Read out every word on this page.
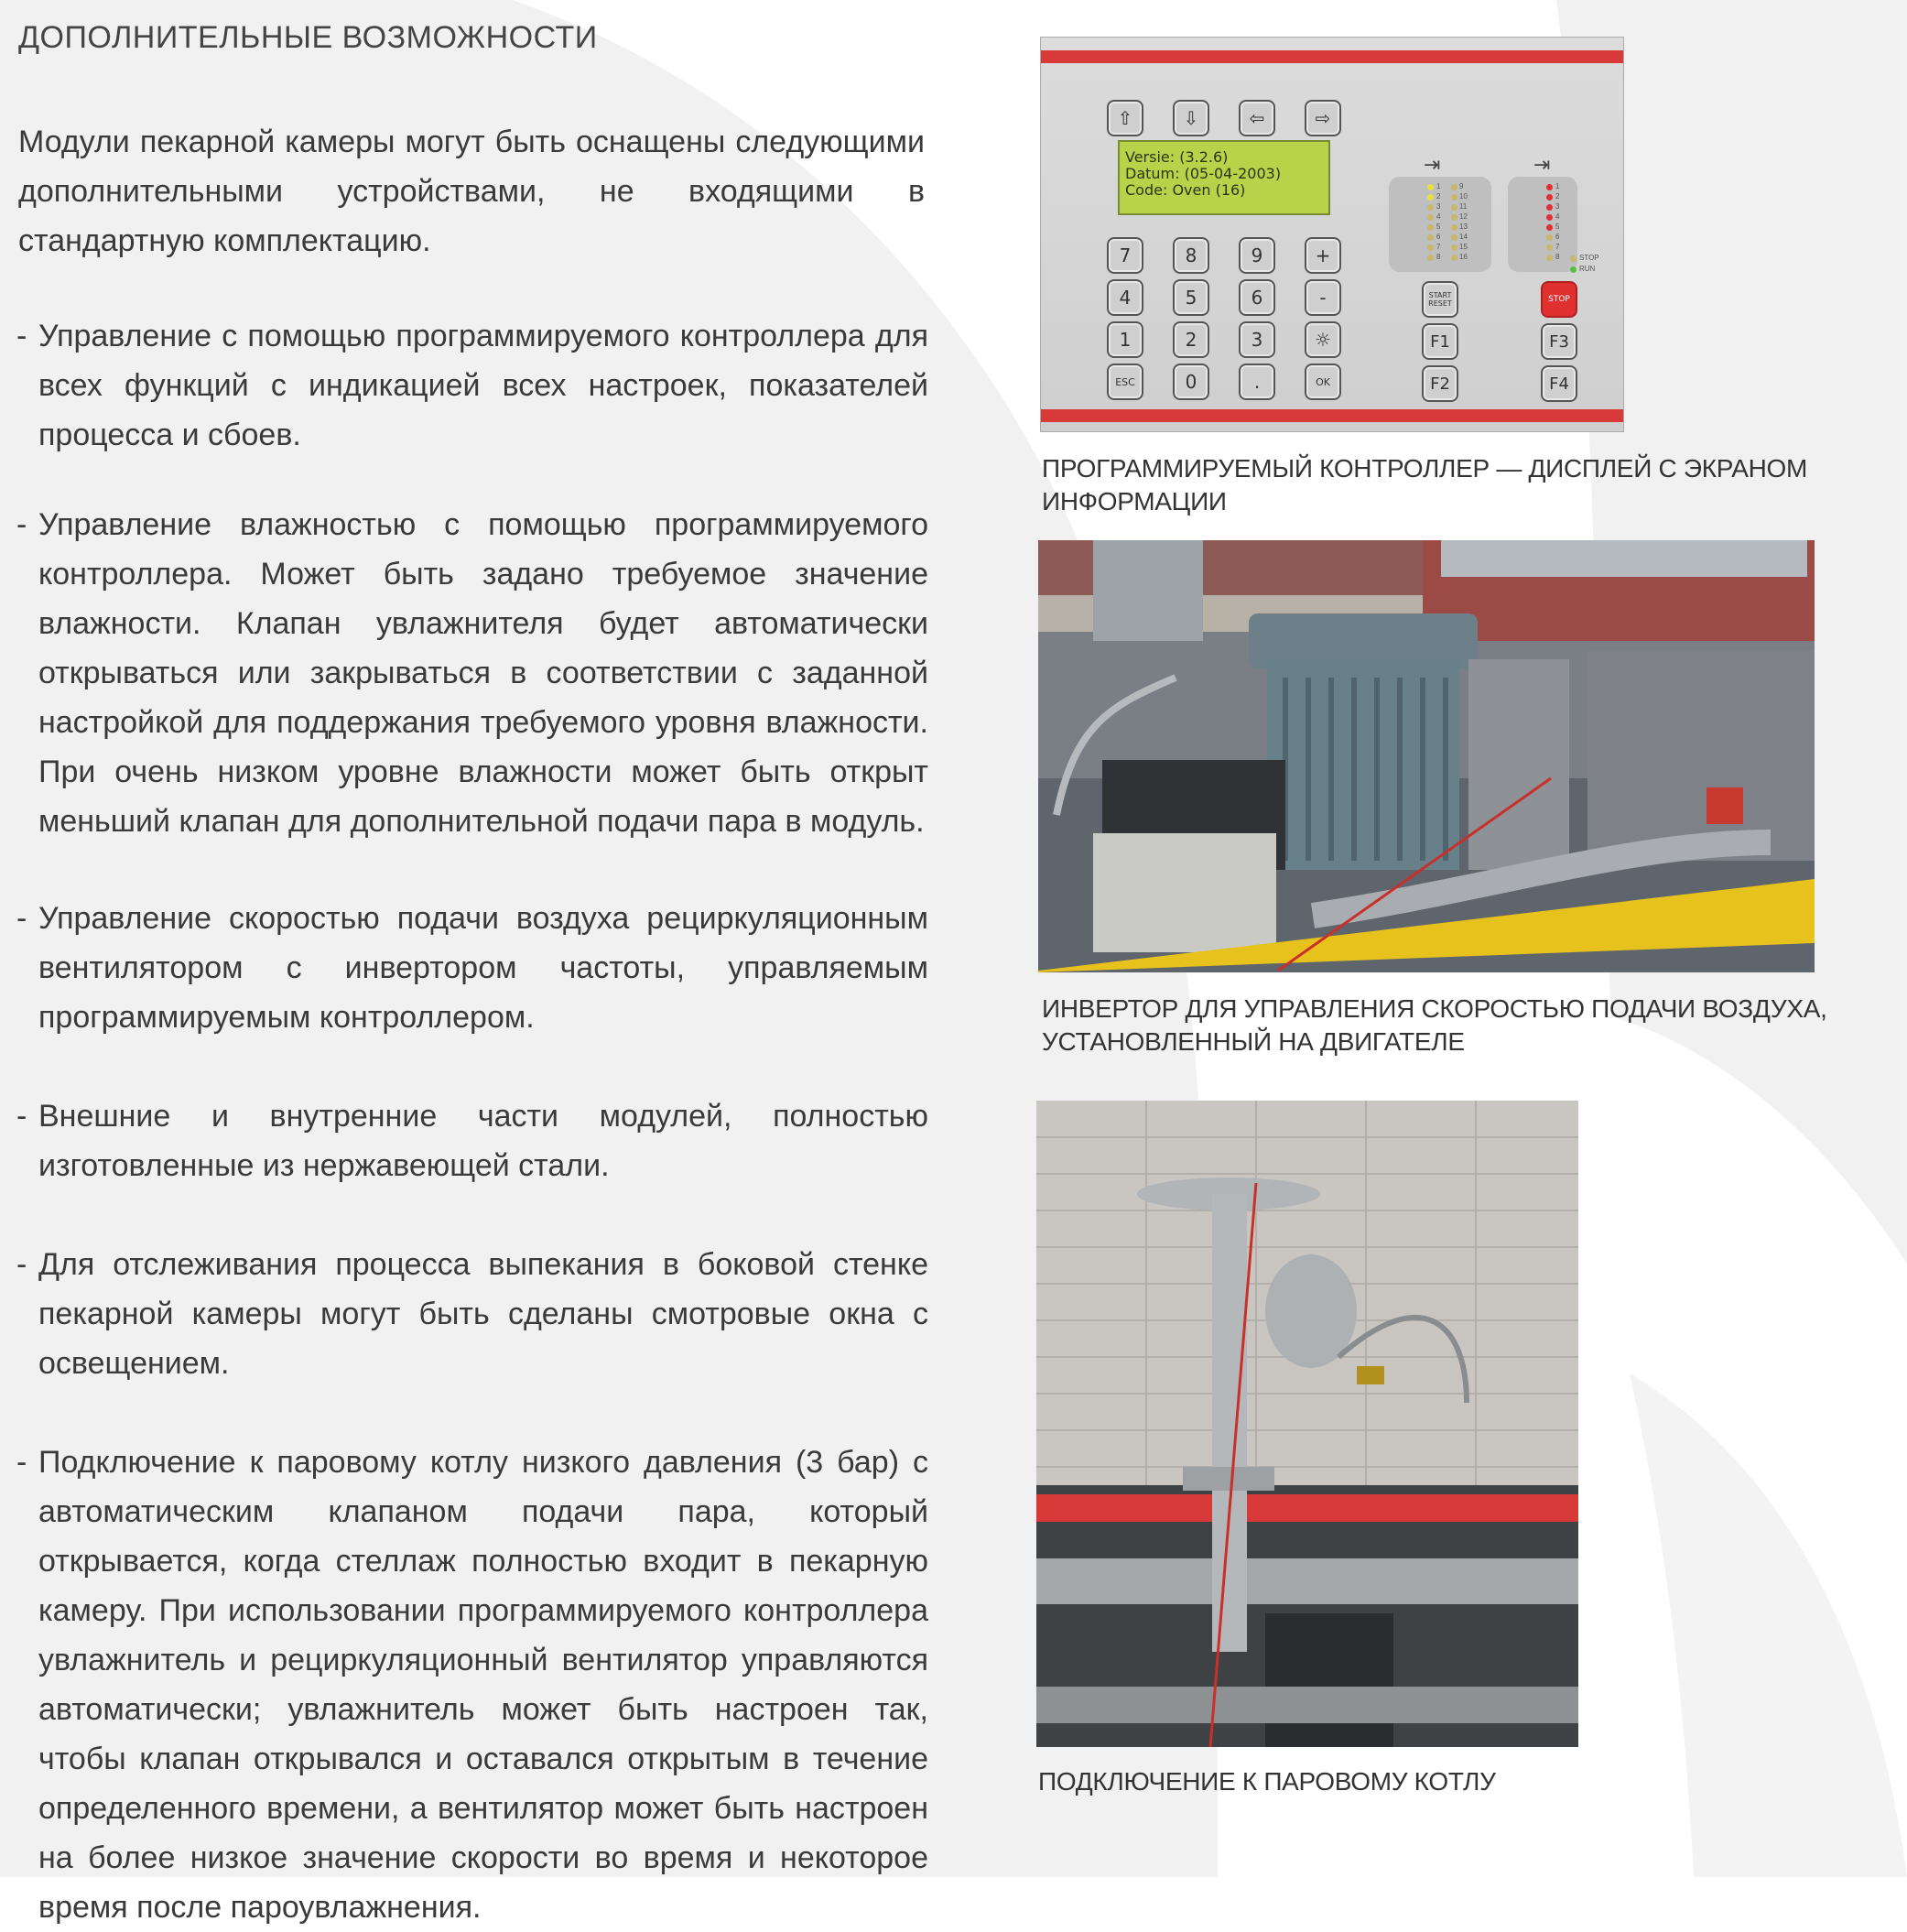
ДОПОЛНИТЕЛЬНЫЕ ВОЗМОЖНОСТИ

Модули пекарной камеры могут быть оснащены следующими дополнительными устройствами, не входящими в стандартную комплектацию.

- Управление с помощью программируемого контроллера для всех функций с индикацией всех настроек, показателей процесса и сбоев.
- Управление влажностью с помощью программируемого контроллера. Может быть задано требуемое значение влажности. Клапан увлажнителя будет автоматически открываться или закрываться в соответствии с заданной настройкой для поддержания требуемого уровня влажности. При очень низком уровне влажности может быть открыт меньший клапан для дополнительной подачи пара в модуль.
- Управление скоростью подачи воздуха рециркуляционным вентилятором с инвертором частоты, управляемым программируемым контроллером.
- Внешние и внутренние части модулей, полностью изготовленные из нержавеющей стали.
- Для отслеживания процесса выпекания в боковой стенке пекарной камеры могут быть сделаны смотровые окна с освещением.
- Подключение к паровому котлу низкого давления (3 бар) с автоматическим клапаном подачи пара, который открывается, когда стеллаж полностью входит в пекарную камеру. При использовании программируемого контроллера увлажнитель и рециркуляционный вентилятор управляются автоматически; увлажнитель может быть настроен так, чтобы клапан открывался и оставался открытым в течение определенного времени, а вентилятор может быть настроен на более низкое значение скорости во время и некоторое время после пароувлажнения.
⇧	⇩	⇦	⇨
Versie: (3.2.6)
Datum: (05-04-2003)
Code: Oven (16)
7	8	9	+
4	5	6	-
1	2	3	☼
ESC	0	.	OK
⇥	⇥
1
2
3
4
5
6
7
8
9
10
11
12
13
14
15
16
1
2
3
4
5
6
7
8	STOP
RUN
START RESET	STOP
F1	F3
F2	F4
ПРОГРАММИРУЕМЫЙ КОНТРОЛЛЕР — ДИСПЛЕЙ С ЭКРАНОМ ИНФОРМАЦИИ
ИНВЕРТОР ДЛЯ УПРАВЛЕНИЯ СКОРОСТЬЮ ПОДАЧИ ВОЗДУХА, УСТАНОВЛЕННЫЙ НА ДВИГАТЕЛЕ
ПОДКЛЮЧЕНИЕ К ПАРОВОМУ КОТЛУ
